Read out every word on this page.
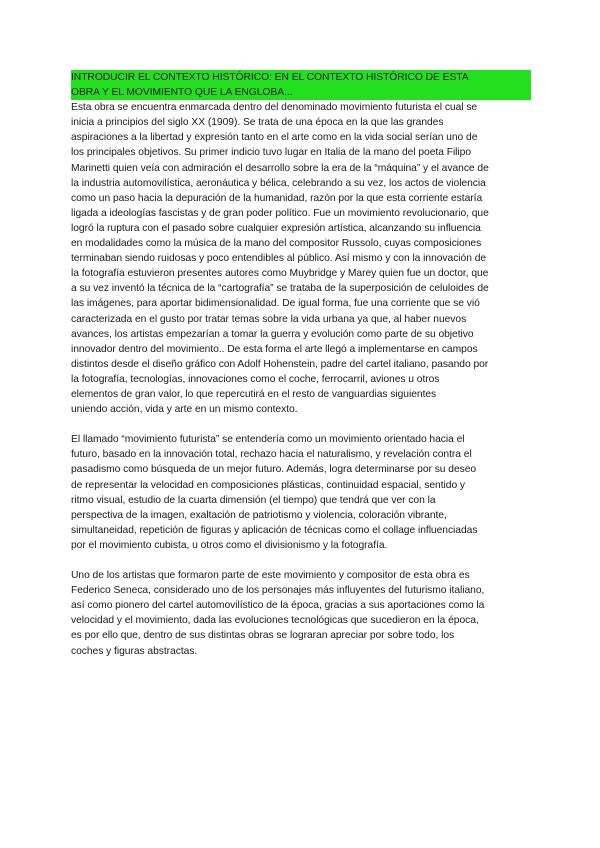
INTRODUCIR EL CONTEXTO HISTÓRICO: EN EL CONTEXTO HISTÓRICO DE ESTA
OBRA Y EL MOVIMIENTO QUE LA ENGLOBA...

Esta obra se encuentra enmarcada dentro del denominado movimiento futurista el cual se
inicia a principios del siglo XX (1909). Se trata de una época en la que las grandes
aspiraciones a la libertad y expresión tanto en el arte como en la vida social serían uno de
los principales objetivos. Su primer indicio tuvo lugar en Italia de la mano del poeta Filipo
Marinetti quien veía con admiración el desarrollo sobre la era de la “máquina” y el avance de
la industria automovilística, aeronáutica y bélica, celebrando a su vez, los actos de violencia
como un paso hacia la depuración de la humanidad, razón por la que esta corriente estaría
ligada a ideologías fascistas y de gran poder político. Fue un movimiento revolucionario, que
logró la ruptura con el pasado sobre cualquier expresión artística, alcanzando su influencia
en modalidades como la música de la mano del compositor Russolo, cuyas composiciones
terminaban siendo ruidosas y poco entendibles al público. Así mismo y con la innovación de
la fotografía estuvieron presentes autores como Muybridge y Marey quien fue un doctor, que
a su vez inventó la técnica de la “cartografía” se trataba de la superposición de celuloides de
las imágenes, para aportar bidimensionalidad. De igual forma, fue una corriente que se vió
caracterizada en el gusto por tratar temas sobre la vida urbana ya que, al haber nuevos
avances, los artistas empezarían a tomar la guerra y evolución como parte de su objetivo
innovador dentro del movimiento.. De esta forma el arte llegó a implementarse en campos
distintos desde el diseño gráfico con Adolf Hohenstein, padre del cartel italiano, pasando por
la fotografía, tecnologías, innovaciones como el coche, ferrocarril, aviones u otros
elementos de gran valor, lo que repercutirá en el resto de vanguardias siguientes
uniendo acción, vida y arte en un mismo contexto.

El llamado “movimiento futurista” se entendería como un movimiento orientado hacia el
futuro, basado en la innovación total, rechazo hacia el naturalismo, y revelación contra el
pasadismo como búsqueda de un mejor futuro. Además, logra determinarse por su deseo
de representar la velocidad en composiciones plásticas, continuidad espacial, sentido y
ritmo visual, estudio de la cuarta dimensión (el tiempo) que tendrá que ver con la
perspectiva de la imagen, exaltación de patriotismo y violencia, coloración vibrante,
simultaneidad, repetición de figuras y aplicación de técnicas como el collage influenciadas
por el movimiento cubista, u otros como el divisionismo y la fotografía.

Uno de los artistas que formaron parte de este movimiento y compositor de esta obra es
Federico Seneca, considerado uno de los personajes más influyentes del futurismo italiano,
así como pionero del cartel automovilístico de la época, gracias a sus aportaciones como la
velocidad y el movimiento, dada las evoluciones tecnológicas que sucedieron en la época,
es por ello que, dentro de sus distintas obras se lograran apreciar por sobre todo, los
coches y figuras abstractas.
